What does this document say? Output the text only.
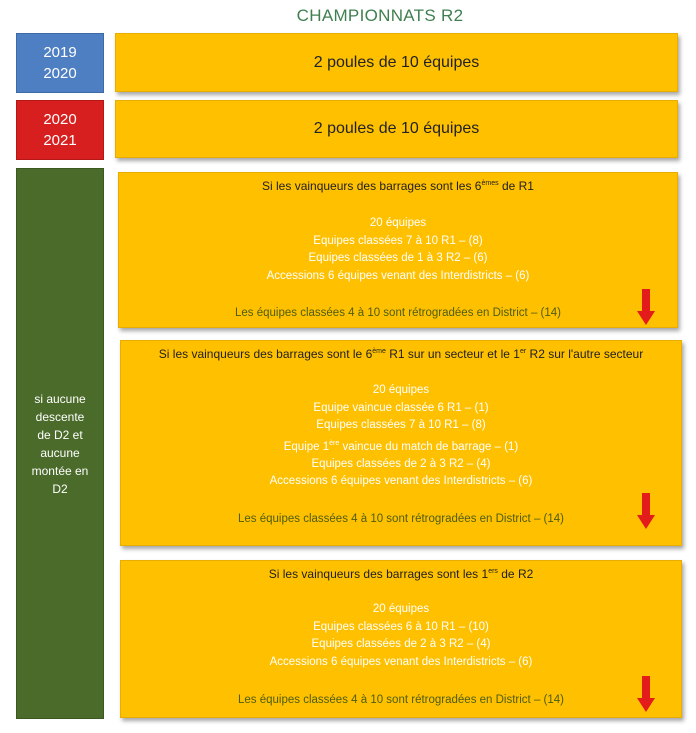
CHAMPIONNATS R2
2019
2020
2020
2021
si aucune
descente
de D2 et
aucune
montée en
D2
2 poules de 10 équipes
2 poules de 10 équipes
Si les vainqueurs des barrages sont les 6èmes de R1
20 équipes
Equipes classées 7 à 10 R1 – (8)
Equipes classées de 1 à 3 R2 – (6)
Accessions 6 équipes venant des Interdistricts – (6)
Les équipes classées 4 à 10 sont rétrogradées en District – (14)
Si les vainqueurs des barrages sont le 6ème R1 sur un secteur et le 1er R2 sur l'autre secteur
20 équipes
Equipe vaincue classée 6 R1 – (1)
Equipes classées 7 à 10 R1 – (8)
Equipe 1ère vaincue du match de barrage – (1)
Equipes classées de 2 à 3 R2 – (4)
Accessions 6 équipes venant des Interdistricts – (6)
Les équipes classées 4 à 10 sont rétrogradées en District – (14)
Si les vainqueurs des barrages sont les 1ers de R2
20 équipes
Equipes classées 6 à 10 R1 – (10)
Equipes classées de 2 à 3 R2 – (4)
Accessions 6 équipes venant des Interdistricts – (6)
Les équipes classées 4 à 10 sont rétrogradées en District – (14)
